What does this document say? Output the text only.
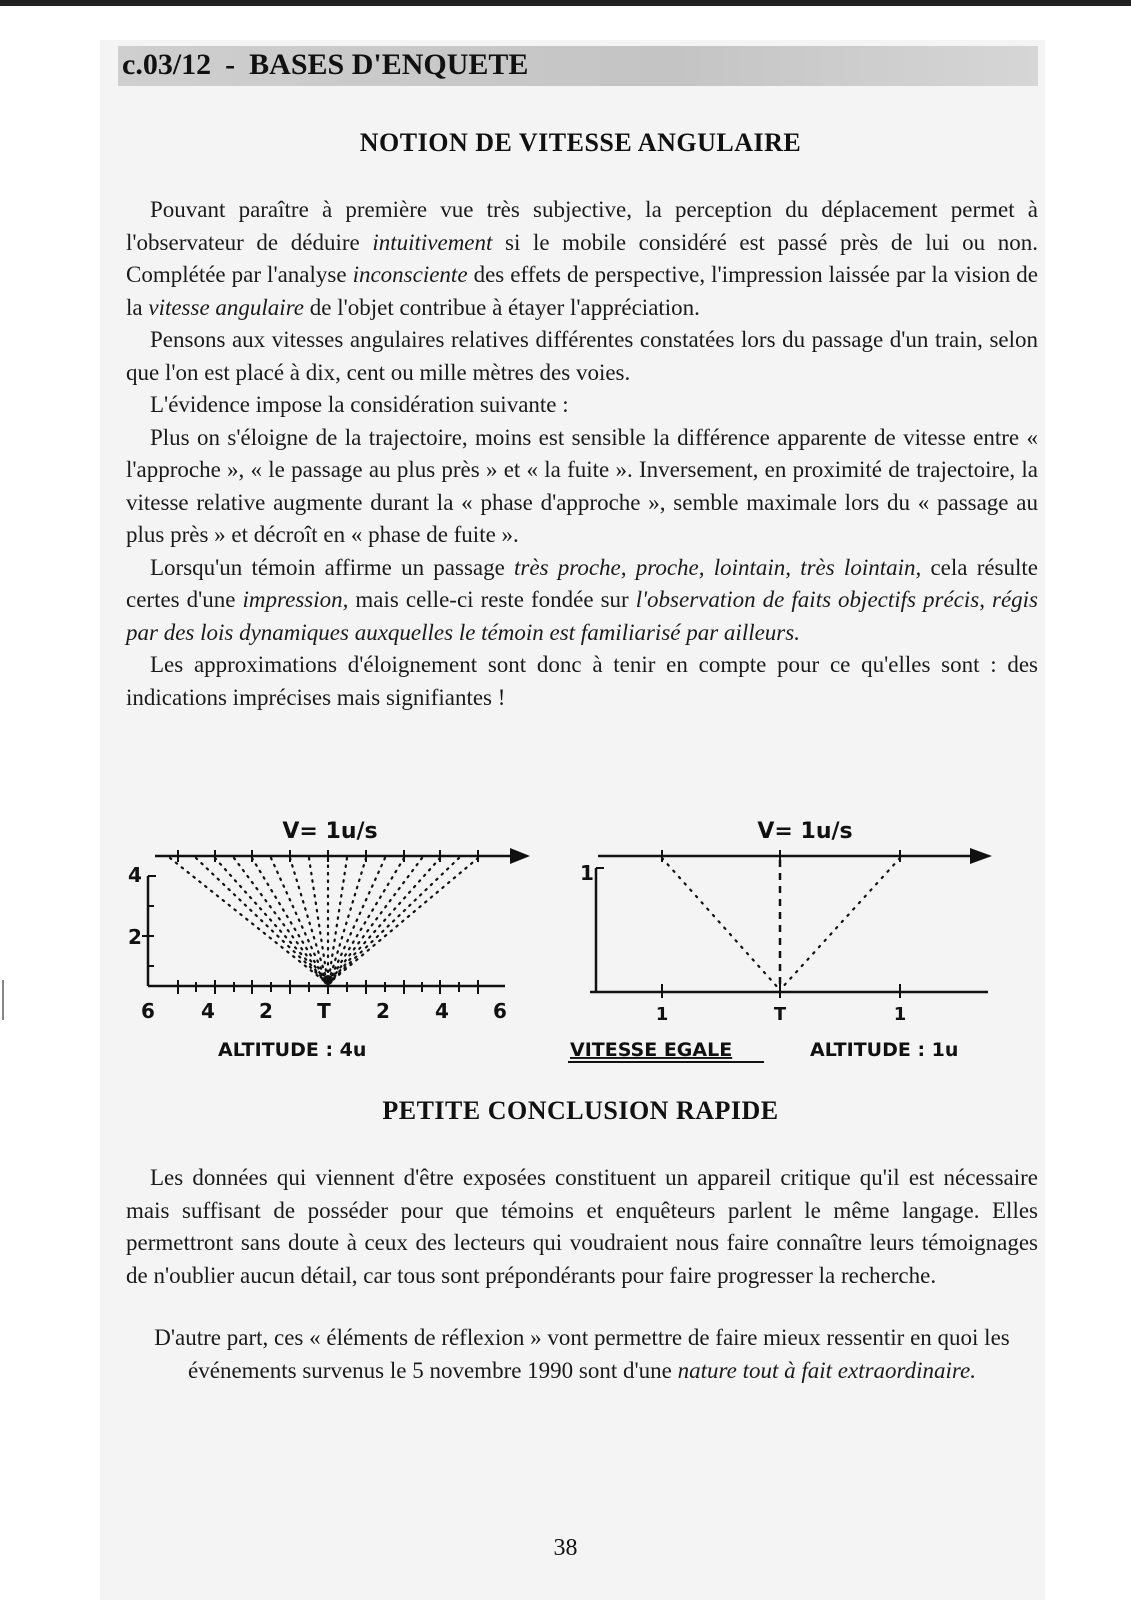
c.03/12 - BASES D'ENQUETE
NOTION DE VITESSE ANGULAIRE

Pouvant paraître à première vue très subjective, la perception du déplacement permet à l'observateur de déduire intuitivement si le mobile considéré est passé près de lui ou non. Complétée par l'analyse inconsciente des effets de perspective, l'impression laissée par la vision de la vitesse angulaire de l'objet contribue à étayer l'appréciation.

Pensons aux vitesses angulaires relatives différentes constatées lors du passage d'un train, selon que l'on est placé à dix, cent ou mille mètres des voies.

L'évidence impose la considération suivante :

Plus on s'éloigne de la trajectoire, moins est sensible la différence apparente de vitesse entre « l'approche », « le passage au plus près » et « la fuite ». Inversement, en proximité de trajectoire, la vitesse relative augmente durant la « phase d'approche », semble maximale lors du « passage au plus près » et décroît en « phase de fuite ».

Lorsqu'un témoin affirme un passage très proche, proche, lointain, très lointain, cela résulte certes d'une impression, mais celle-ci reste fondée sur l'observation de faits objectifs précis, régis par des lois dynamiques auxquelles le témoin est familiarisé par ailleurs.

Les approximations d'éloignement sont donc à tenir en compte pour ce qu'elles sont : des indications imprécises mais signifiantes !

V= 1u/s
4
2
6 4 2 T 2 4 6
ALTITUDE : 4u	VITESSE EGALE
V= 1u/s
1
1	T	1
ALTITUDE : 1u
PETITE CONCLUSION RAPIDE

Les données qui viennent d'être exposées constituent un appareil critique qu'il est nécessaire mais suffisant de posséder pour que témoins et enquêteurs parlent le même langage. Elles permettront sans doute à ceux des lecteurs qui voudraient nous faire connaître leurs témoignages de n'oublier aucun détail, car tous sont prépondérants pour faire progresser la recherche.

D'autre part, ces « éléments de réflexion » vont permettre de faire mieux ressentir en quoi les événements survenus le 5 novembre 1990 sont d'une nature tout à fait extraordinaire.

38
